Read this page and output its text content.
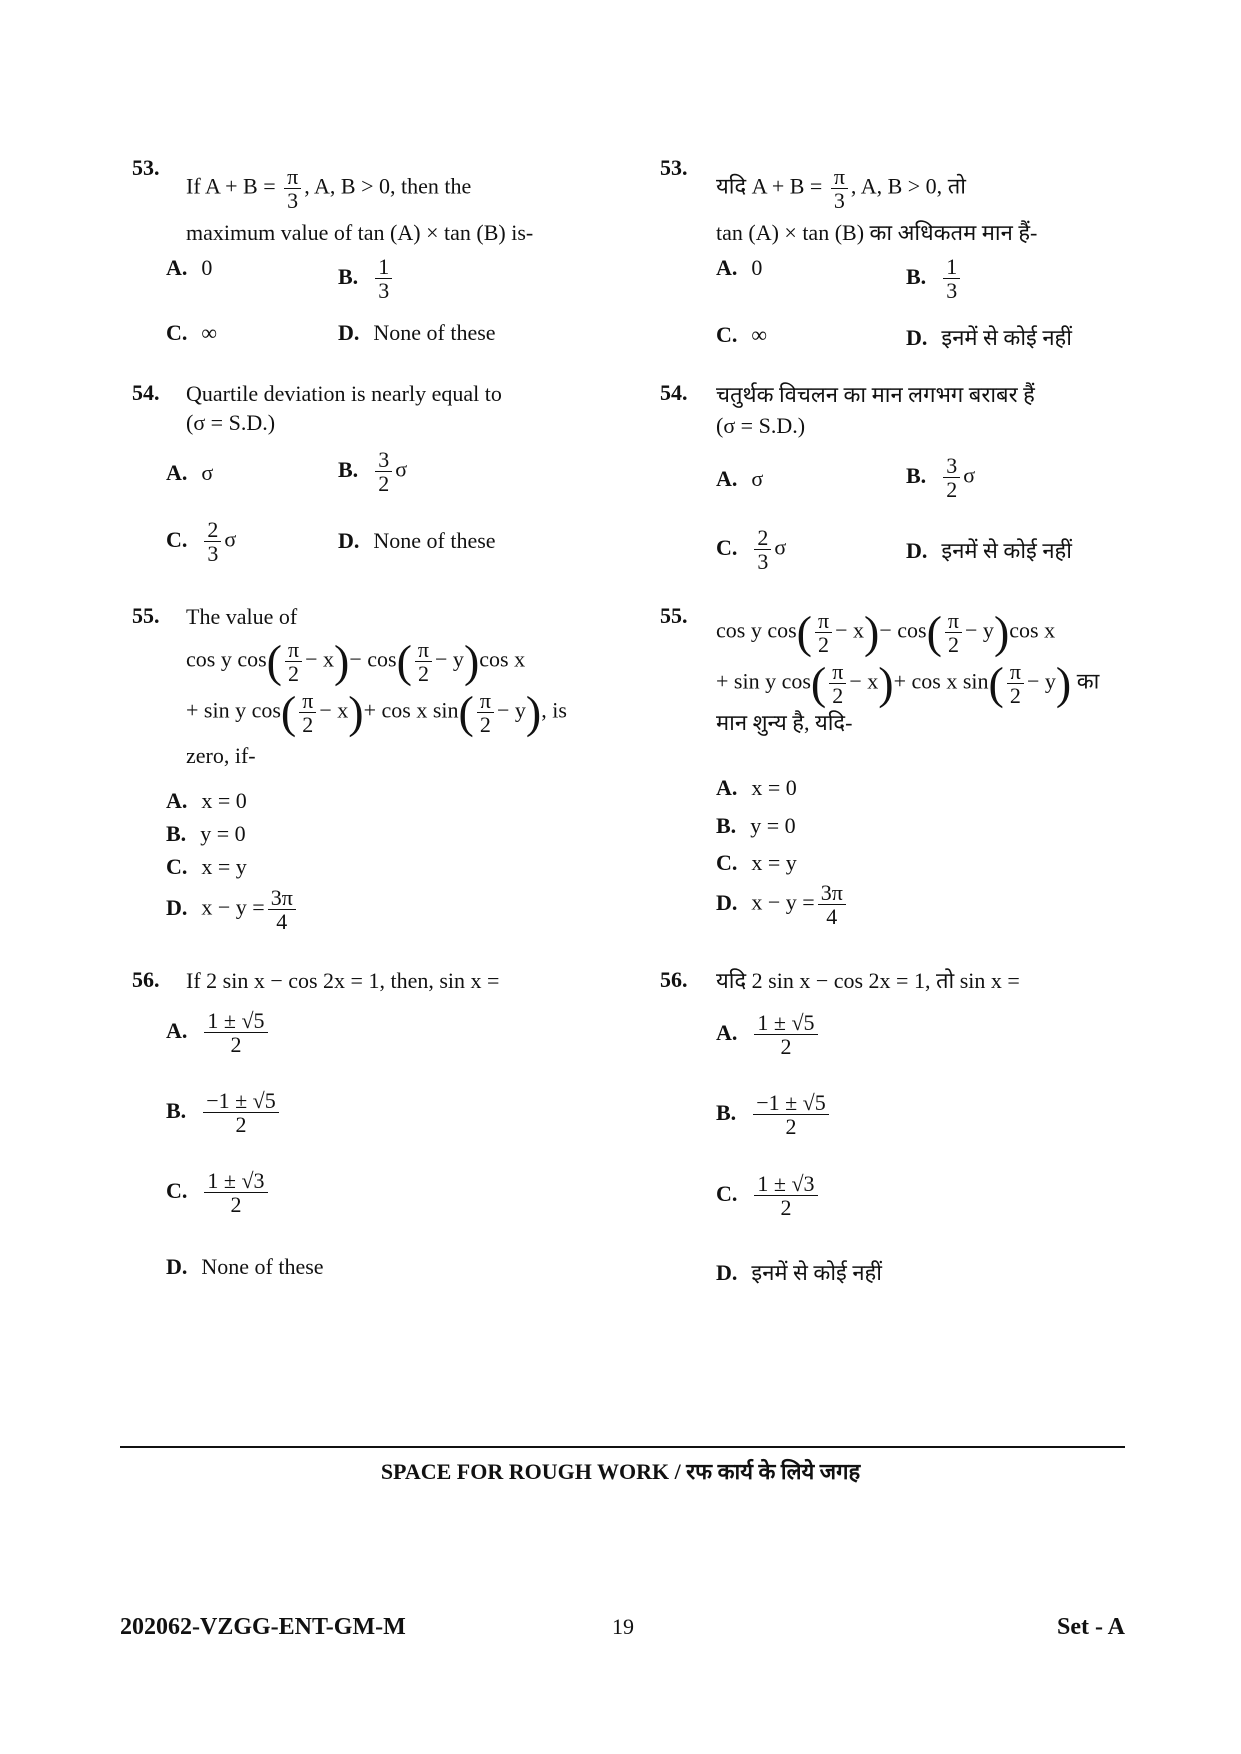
53.
If $A + B = \frac{\pi}{3}$ , A, B > 0, then the
maximum value of tan (A) × tan (B) is-
A. 0	B. $\frac{1}{3}$
C. ∞	D. None of these
54. Quartile deviation is nearly equal to
(σ = S.D.)
A. σ	B. $\frac{3}{2}$ σ
C. $\frac{2}{3}$ σ	D. None of these
55. The value of
cos y $\cos( \frac{\pi}{2} - x)- \cos( \frac{\pi}{2} - y)\cos$ x
+ sin y $\cos( \frac{\pi}{2} - x)+ \cos x$ $\sin( \frac{\pi}{2} - y)$, is
zero, if-
A. x = 0
B. y = 0
C. x = y
D. $x - y = \frac{3\pi}{4}$
56. If 2 sin x − cos 2x = 1, then, sin x =
A. $\frac{1 \pm √5}{2}$
B. $\frac{-1 \pm √5}{2}$
C. $\frac{1 \pm √3}{2}$
D. None of these
53.
यदि $A + B = \frac{\pi}{3}$ , A, B > 0, तो
tan (A) × tan (B) का अधिकतम मान हैं-
A. 0	B. $\frac{1}{3}$
C. ∞	D. इनमें से कोई नहीं
54. चतुर्थक विचलन का मान लगभग बराबर हैं
(σ = S.D.)
A. σ	B. $\frac{3}{2}$ σ
C. $\frac{2}{3}$ σ	D. इनमें से कोई नहीं
55.
cos y $\cos( \frac{\pi}{2} - x)- \cos( \frac{\pi}{2} - y)\cos$ x
+ sin y $\cos( \frac{\pi}{2} - x)+ \cos x$ $\sin( \frac{\pi}{2} - y)$ का
मान शुन्य है, यदि-
A. x = 0
B. y = 0
C. x = y
D. $x - y = \frac{3\pi}{4}$
56. यदि 2 sin x − cos 2x = 1, तो sin x =
A. $\frac{1 \pm √5}{2}$
B. $\frac{-1 \pm √5}{2}$
C. $\frac{1 \pm √3}{2}$
D. इनमें से कोई नहीं
SPACE FOR ROUGH WORK / रफ कार्य के लिये जगह
202062-VZGG-ENT-GM-M	19	Set - A
